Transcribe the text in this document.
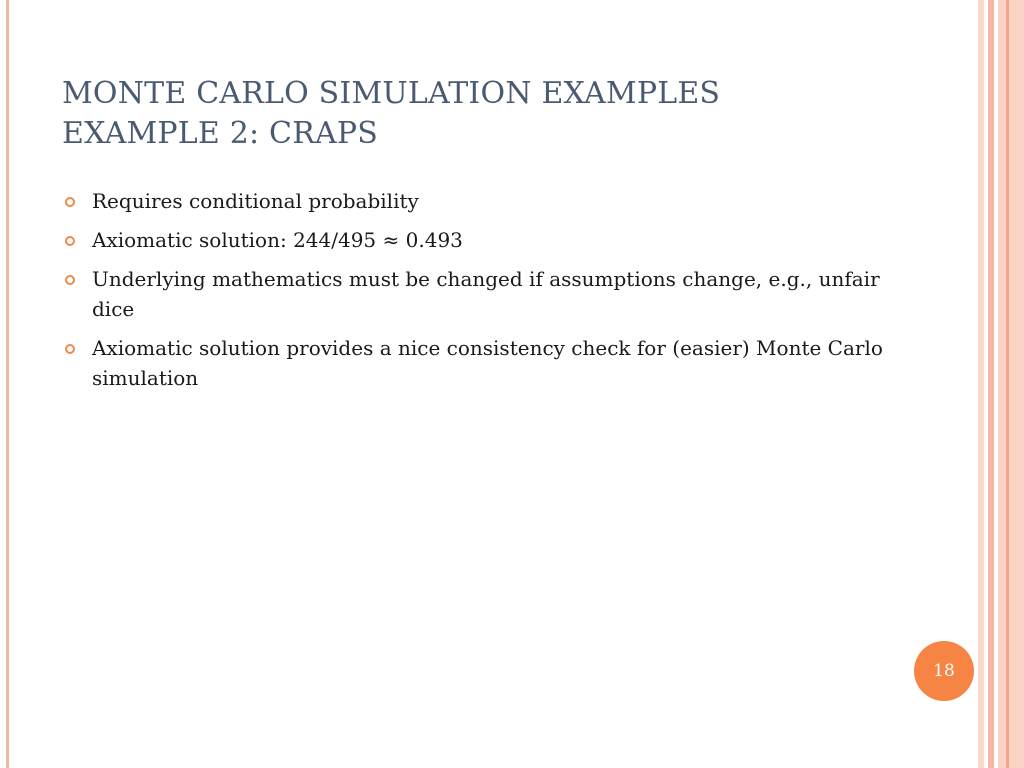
MONTE CARLO SIMULATION EXAMPLES
EXAMPLE 2: CRAPS
Requires conditional probability
Axiomatic solution: 244/495 ≈ 0.493
Underlying mathematics must be changed if assumptions change, e.g., unfair dice
Axiomatic solution provides a nice consistency check for (easier) Monte Carlo simulation
18
